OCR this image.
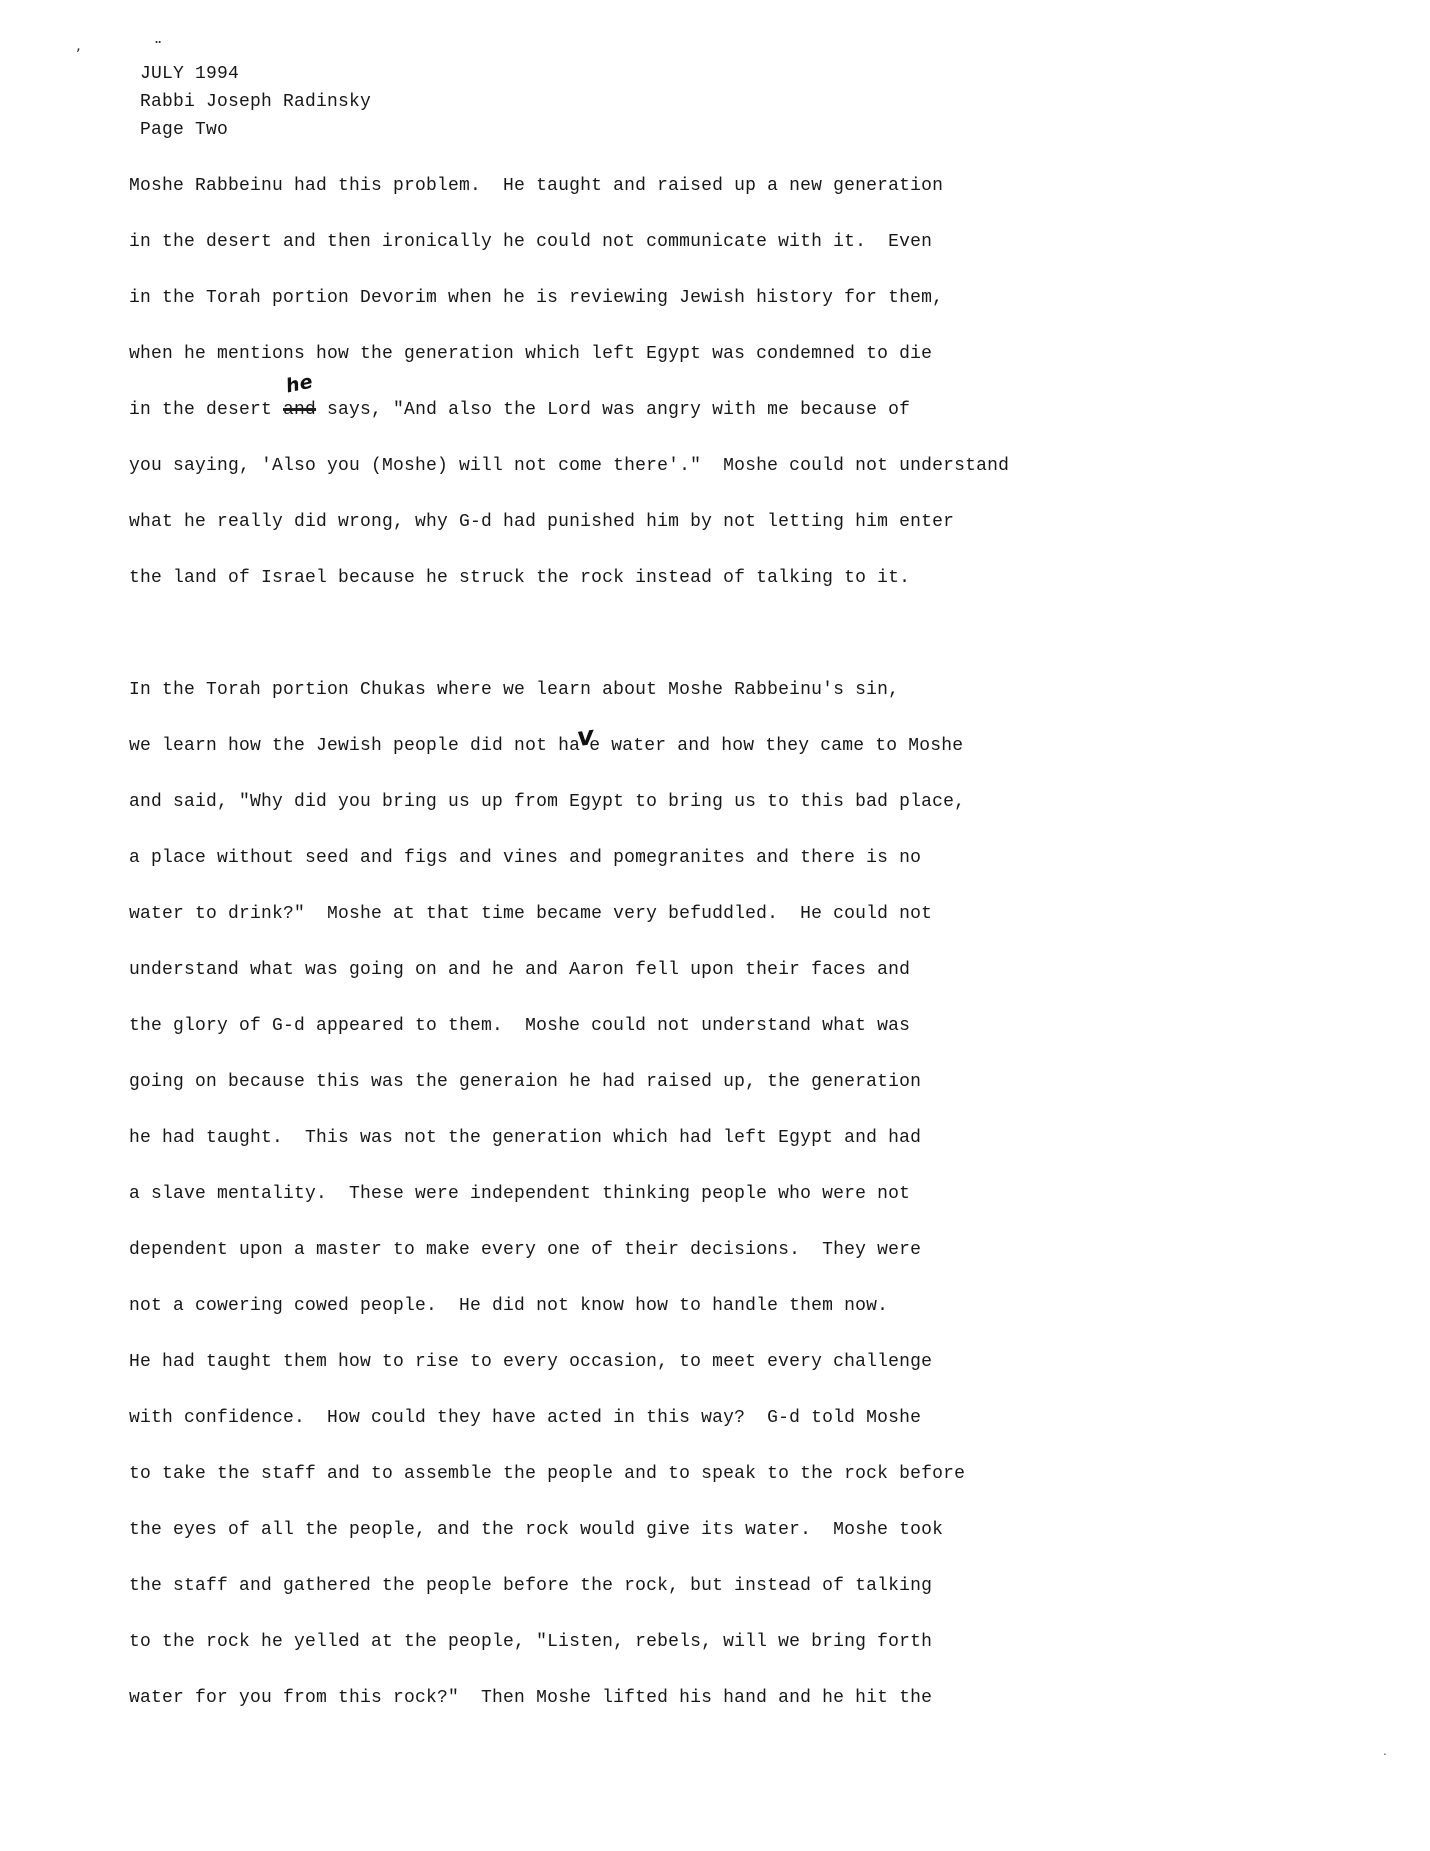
,	..
.
JULY 1994
Rabbi Joseph Radinsky
Page Two
Moshe Rabbeinu had this problem.  He taught and raised up a new generation
in the desert and then ironically he could not communicate with it.  Even
in the Torah portion Devorim when he is reviewing Jewish history for them,
when he mentions how the generation which left Egypt was condemned to die
in the desert
he
and says, "And also the Lord was angry with me because of
you saying, 'Also you (Moshe) will not come there'."  Moshe could not understand
what he really did wrong, why G-d had punished him by not letting him enter
the land of Israel because he struck the rock instead of talking to it.
In the Torah portion Chukas where we learn about Moshe Rabbeinu's sin,
we learn how the Jewish people did not have water and how they came to Moshe
and said, "Why did you bring us up from Egypt to bring us to this bad place,
a place without seed and figs and vines and pomegranites and there is no
water to drink?"  Moshe at that time became very befuddled.  He could not
understand what was going on and he and Aaron fell upon their faces and
the glory of G-d appeared to them.  Moshe could not understand what was
going on because this was the generaion he had raised up, the generation
he had taught.  This was not the generation which had left Egypt and had
a slave mentality.  These were independent thinking people who were not
dependent upon a master to make every one of their decisions.  They were
not a cowering cowed people.  He did not know how to handle them now.
He had taught them how to rise to every occasion, to meet every challenge
with confidence.  How could they have acted in this way?  G-d told Moshe
to take the staff and to assemble the people and to speak to the rock before
the eyes of all the people, and the rock would give its water.  Moshe took
the staff and gathered the people before the rock, but instead of talking
to the rock he yelled at the people, "Listen, rebels, will we bring forth
water for you from this rock?"  Then Moshe lifted his hand and he hit the
